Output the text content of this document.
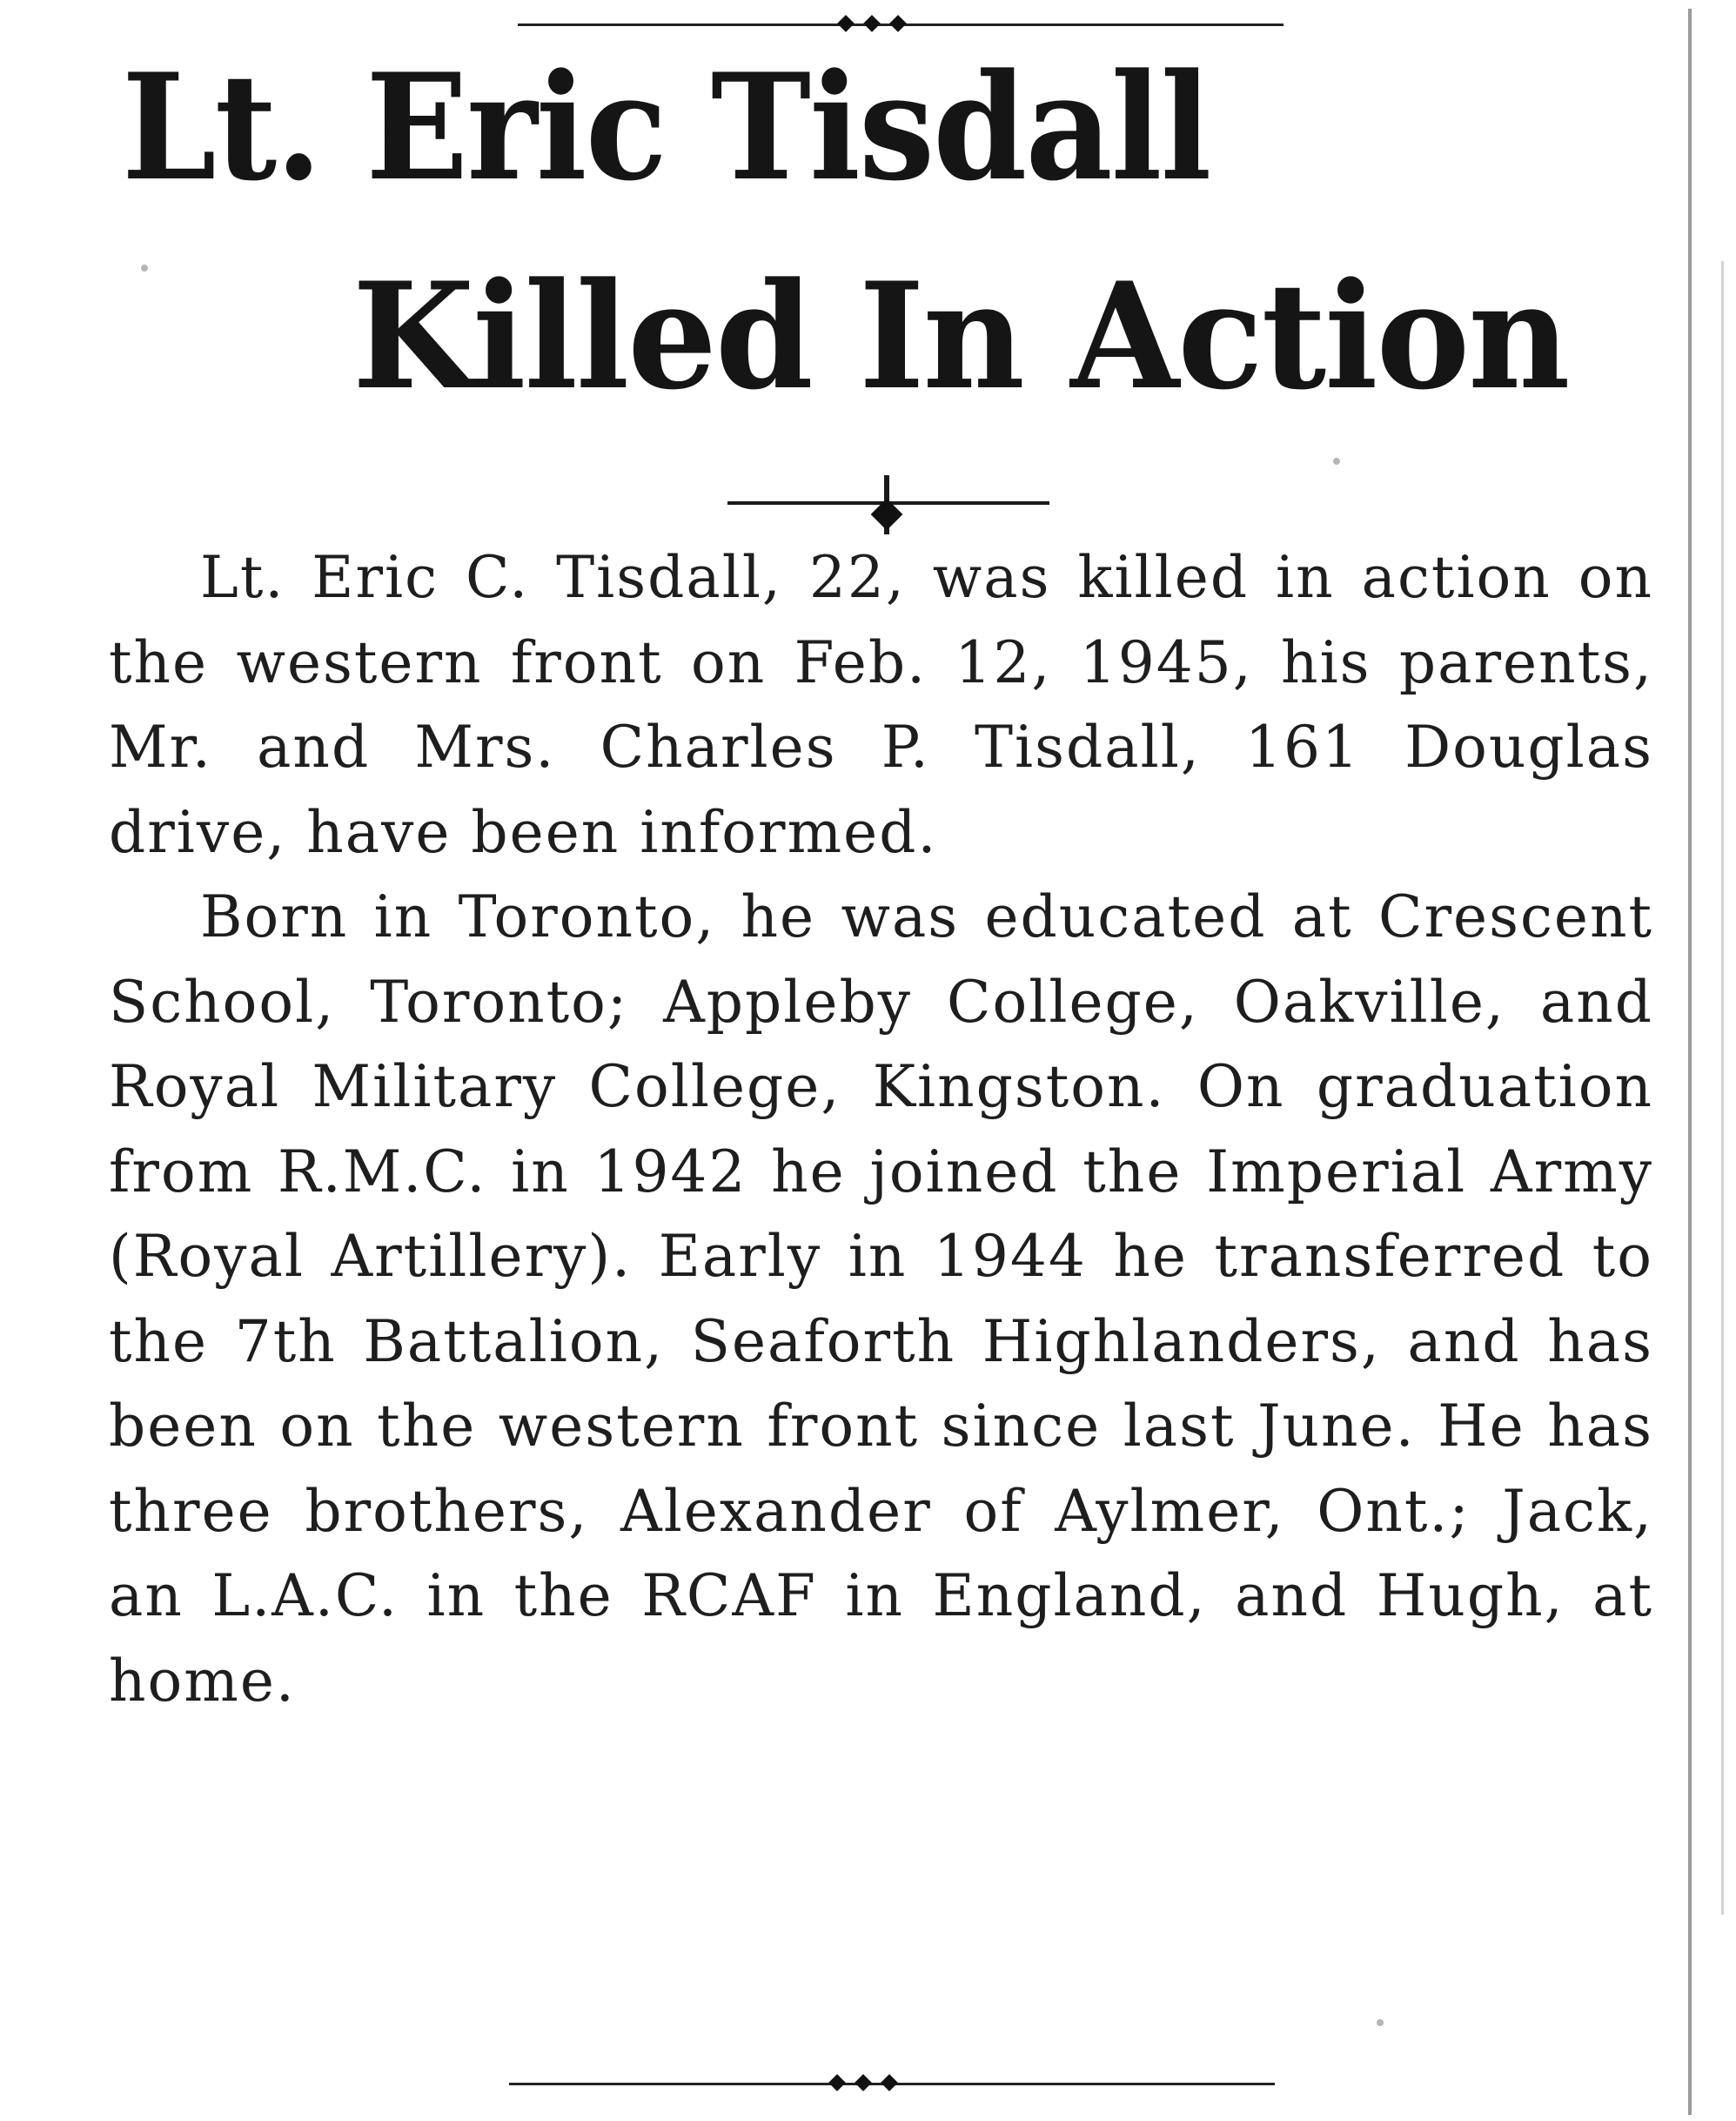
Lt. Eric Tisdall
Killed In Action

Lt. Eric C. Tisdall, 22, was killed in action on the western front on Feb. 12, 1945, his parents, Mr. and Mrs. Charles P. Tisdall, 161 Douglas drive, have been informed.

Born in Toronto, he was educated at Crescent School, Toronto; Appleby College, Oakville, and Royal Military College, Kingston. On graduation from R.M.C. in 1942 he joined the Imperial Army (Royal Artillery). Early in 1944 he transferred to the 7th Battalion, Seaforth Highlanders, and has been on the western front since last June. He has three brothers, Alexander of Aylmer, Ont.; Jack, an L.A.C. in the RCAF in England, and Hugh, at home.
